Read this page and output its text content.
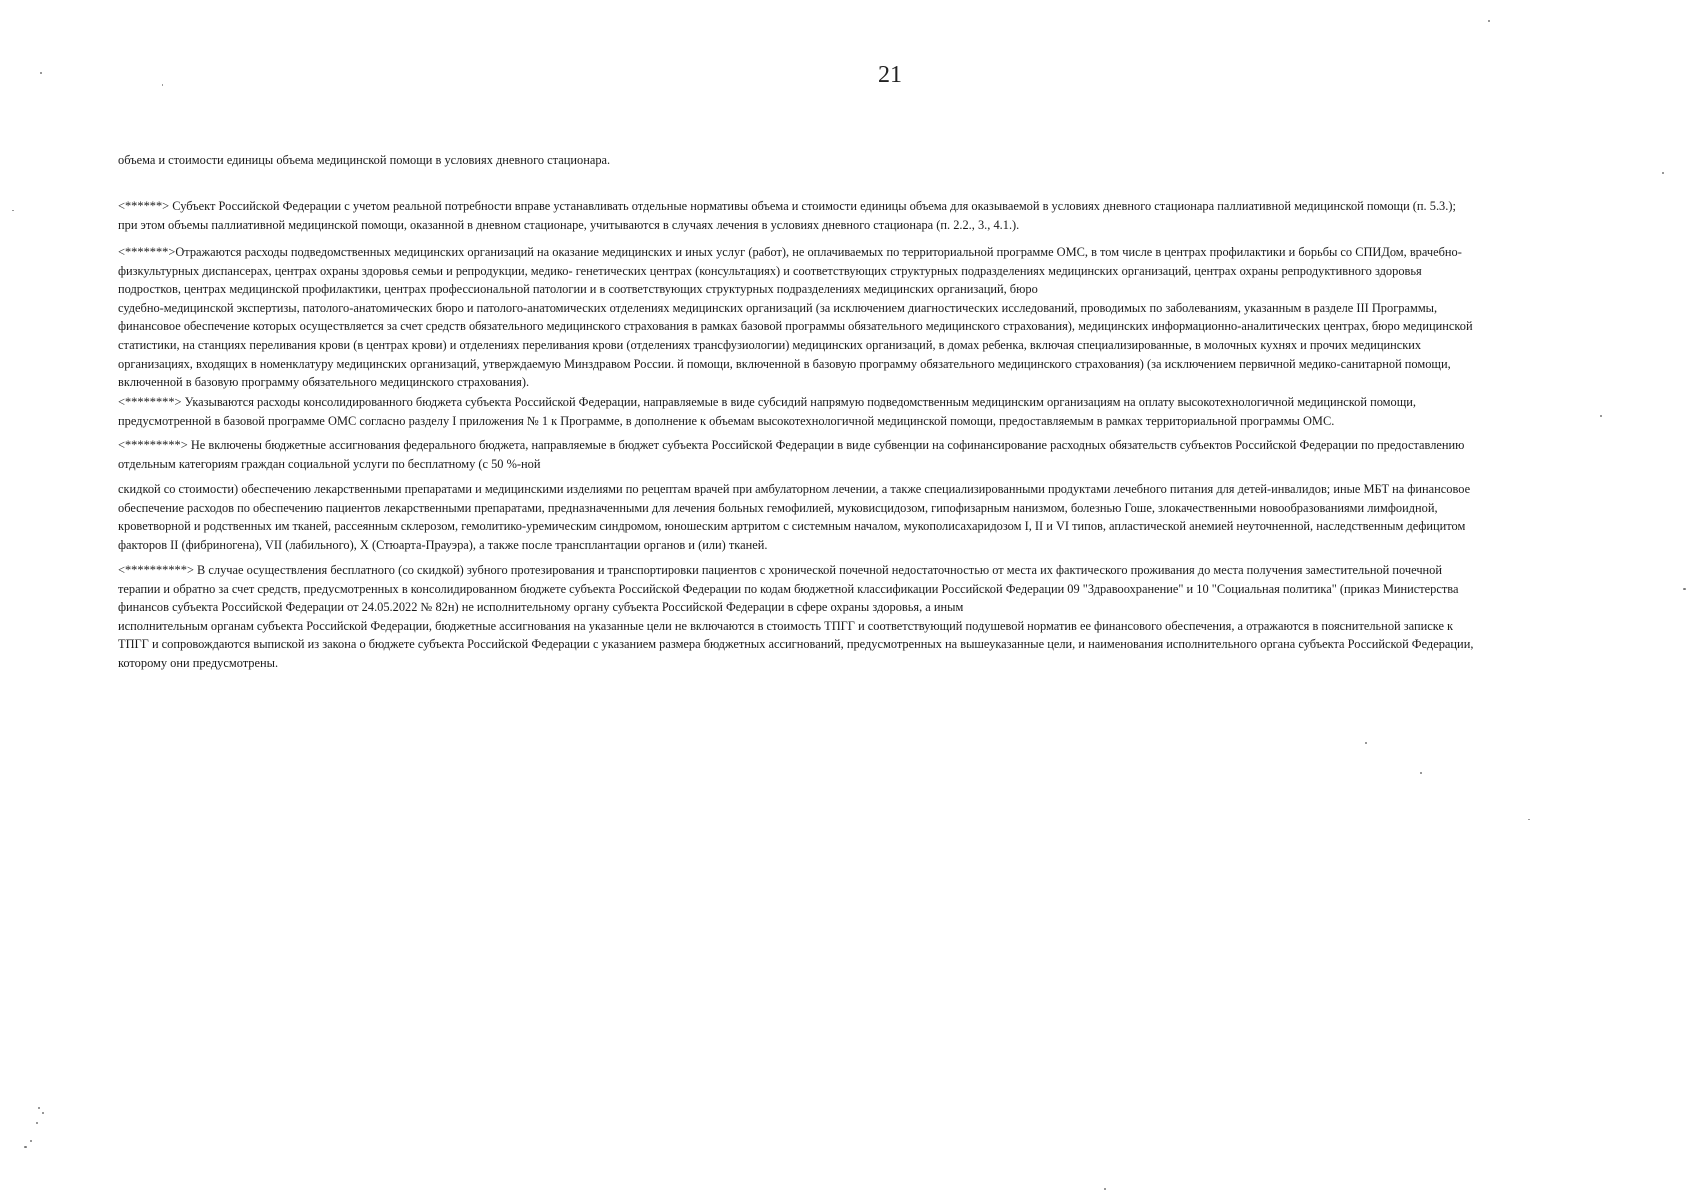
21
объема и стоимости единицы объема медицинской помощи в условиях дневного стационара.
<******> Субъект Российской Федерации с учетом реальной потребности вправе устанавливать отдельные нормативы объема и стоимости единицы объема для оказываемой в условиях дневного стационара паллиативной медицинской помощи (п. 5.3.);
при этом объемы паллиативной медицинской помощи, оказанной в дневном стационаре, учитываются в случаях лечения в условиях дневного стационара (п. 2.2., 3., 4.1.).
<*******>Отражаются расходы подведомственных медицинских организаций на оказание медицинских и иных услуг (работ), не оплачиваемых по территориальной программе ОМС, в том числе в центрах профилактики и борьбы со СПИДом, врачебно-
физкультурных диспансерах, центрах охраны здоровья семьи и репродукции, медико- генетических центрах (консультациях) и соответствующих структурных подразделениях медицинских организаций, центрах охраны репродуктивного здоровья
подростков, центрах медицинской профилактики, центрах профессиональной патологии и в соответствующих структурных подразделениях медицинских организаций, бюро
судебно-медицинской экспертизы, патолого-анатомических бюро и патолого-анатомических отделениях медицинских организаций (за исключением диагностических исследований, проводимых по заболеваниям, указанным в разделе III Программы,
финансовое обеспечение которых осуществляется за счет средств обязательного медицинского страхования в рамках базовой программы обязательного медицинского страхования), медицинских информационно-аналитических центрах, бюро медицинской
статистики, на станциях переливания крови (в центрах крови) и отделениях переливания крови (отделениях трансфузиологии) медицинских организаций, в домах ребенка, включая специализированные, в молочных кухнях и прочих медицинских
организациях, входящих в номенклатуру медицинских организаций, утверждаемую Минздравом России. й помощи, включенной в базовую программу обязательного медицинского страхования) (за исключением первичной медико-санитарной помощи,
включенной в базовую программу обязательного медицинского страхования).
<********> Указываются расходы консолидированного бюджета субъекта Российской Федерации, направляемые в виде субсидий напрямую подведомственным медицинским организациям на оплату высокотехнологичной медицинской помощи,
предусмотренной в базовой программе ОМС согласно разделу I приложения № 1 к Программе, в дополнение к объемам высокотехнологичной медицинской помощи, предоставляемым в рамках территориальной программы ОМС.
<*********> Не включены бюджетные ассигнования федерального бюджета, направляемые в бюджет субъекта Российской Федерации в виде субвенции на софинансирование расходных обязательств субъектов Российской Федерации по предоставлению
отдельным категориям граждан социальной услуги по бесплатному (с 50 %-ной
скидкой со стоимости) обеспечению лекарственными препаратами и медицинскими изделиями по рецептам врачей при амбулаторном лечении, а также специализированными продуктами лечебного питания для детей-инвалидов; иные МБТ на финансовое
обеспечение расходов по обеспечению пациентов лекарственными препаратами, предназначенными для лечения больных гемофилией, муковисцидозом, гипофизарным нанизмом, болезнью Гоше, злокачественными новообразованиями лимфоидной,
кроветворной и родственных им тканей, рассеянным склерозом, гемолитико-уремическим синдромом, юношеским артритом с системным началом, мукополисахаридозом I, II и VI типов, апластической анемией неуточненной, наследственным дефицитом
факторов II (фибриногена), VII (лабильного), X (Стюарта-Прауэра), а также после трансплантации органов и (или) тканей.
<**********> В случае осуществления бесплатного (со скидкой) зубного протезирования и транспортировки пациентов с хронической почечной недостаточностью от места их фактического проживания до места получения заместительной почечной
терапии и обратно за счет средств, предусмотренных в консолидированном бюджете субъекта Российской Федерации по кодам бюджетной классификации Российской Федерации 09 "Здравоохранение" и 10 "Социальная политика" (приказ Министерства
финансов субъекта Российской Федерации от 24.05.2022 № 82н) не исполнительному органу субъекта Российской Федерации в сфере охраны здоровья, а иным
исполнительным органам субъекта Российской Федерации, бюджетные ассигнования на указанные цели не включаются в стоимость ТПГГ и соответствующий подушевой норматив ее финансового обеспечения, а отражаются в пояснительной записке к
ТПГГ и сопровождаются выпиской из закона о бюджете субъекта Российской Федерации с указанием размера бюджетных ассигнований, предусмотренных на вышеуказанные цели, и наименования исполнительного органа субъекта Российской Федерации,
которому они предусмотрены.
